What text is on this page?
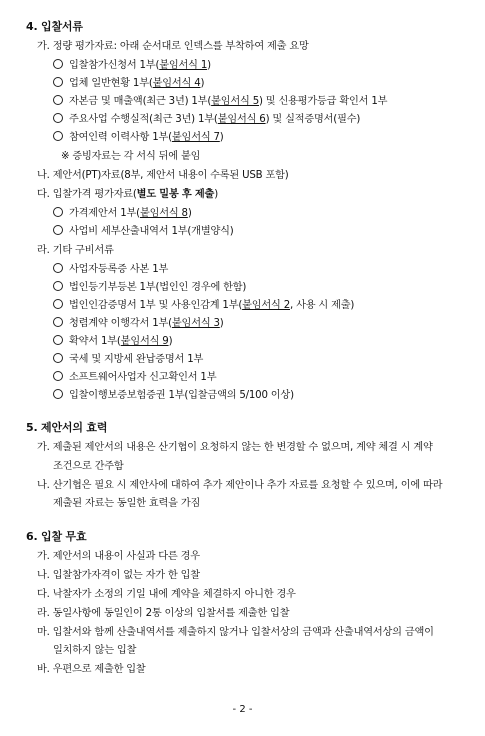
4. 입찰서류
가. 정량 평가자료: 아래 순서대로 인덱스를 부착하여 제출 요망
입찰참가신청서 1부(붙임서식 1)
업체 일반현황 1부(붙임서식 4)
자본금 및 매출액(최근 3년) 1부(붙임서식 5) 및 신용평가등급 확인서 1부
주요사업 수행실적(최근 3년) 1부(붙임서식 6) 및 실적증명서(필수)
참여인력 이력사항 1부(붙임서식 7)
※ 증빙자료는 각 서식 뒤에 붙임
나. 제안서(PT)자료(8부, 제안서 내용이 수록된 USB 포함)
다. 입찰가격 평가자료(별도 밀봉 후 제출)
가격제안서 1부(붙임서식 8)
사업비 세부산출내역서 1부(개별양식)
라. 기타 구비서류
사업자등록증 사본 1부
법인등기부등본 1부(법인인 경우에 한함)
법인인감증명서 1부 및 사용인감계 1부(붙임서식 2, 사용 시 제출)
청렴계약 이행각서 1부(붙임서식 3)
확약서 1부(붙임서식 9)
국세 및 지방세 완납증명서 1부
소프트웨어사업자 신고확인서 1부
입찰이행보증보험증권 1부(입찰금액의 5/100 이상)
5. 제안서의 효력
가. 제출된 제안서의 내용은 산기협이 요청하지 않는 한 변경할 수 없으며, 계약 체결 시 계약
조건으로 간주함
나. 산기협은 필요 시 제안사에 대하여 추가 제안이나 추가 자료를 요청할 수 있으며, 이에 따라
제출된 자료는 동일한 효력을 가짐
6. 입찰 무효
가. 제안서의 내용이 사실과 다른 경우
나. 입찰참가자격이 없는 자가 한 입찰
다. 낙찰자가 소정의 기일 내에 계약을 체결하지 아니한 경우
라. 동일사항에 동일인이 2통 이상의 입찰서를 제출한 입찰
마. 입찰서와 함께 산출내역서를 제출하지 않거나 입찰서상의 금액과 산출내역서상의 금액이
일치하지 않는 입찰
바. 우편으로 제출한 입찰
- 2 -
